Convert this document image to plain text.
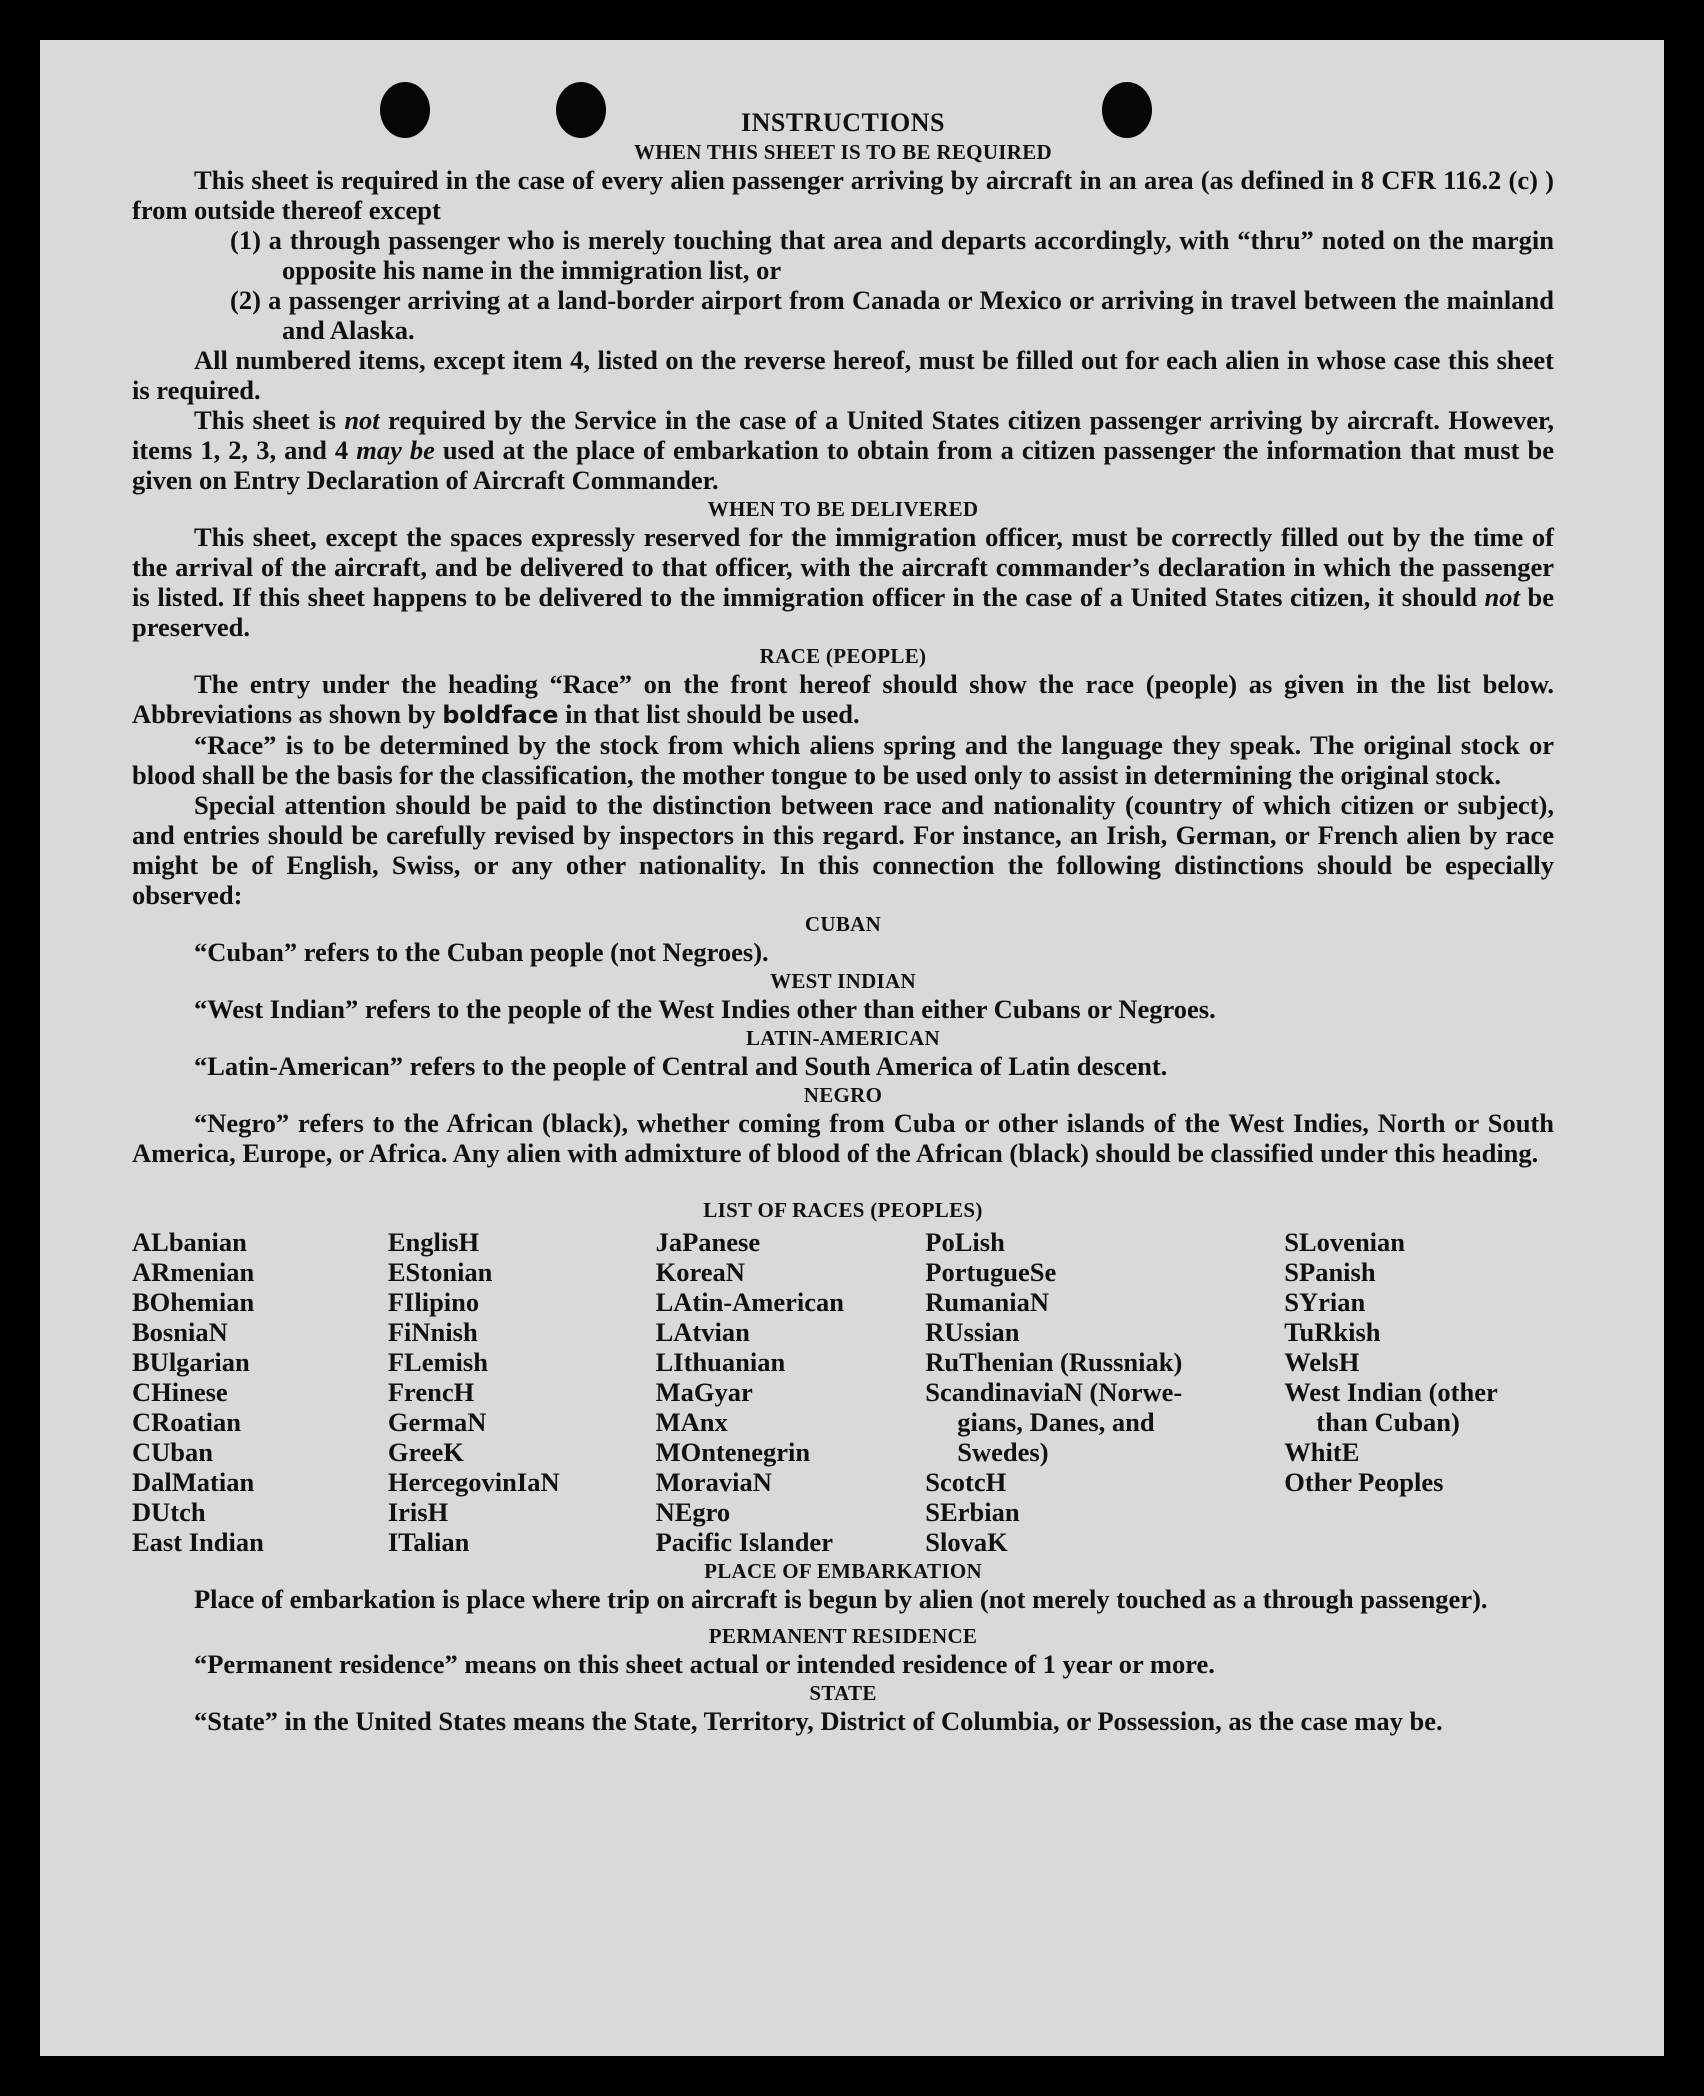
INSTRUCTIONS
WHEN THIS SHEET IS TO BE REQUIRED

This sheet is required in the case of every alien passenger arriving by aircraft in an area (as defined in 8 CFR 116.2 (c) ) from outside thereof except

(1) a through passenger who is merely touching that area and departs accordingly, with “thru” noted on the margin opposite his name in the immigration list, or

(2) a passenger arriving at a land-border airport from Canada or Mexico or arriving in travel between the mainland and Alaska.

All numbered items, except item 4, listed on the reverse hereof, must be filled out for each alien in whose case this sheet is required.

This sheet is not required by the Service in the case of a United States citizen passenger arriving by aircraft. However, items 1, 2, 3, and 4 may be used at the place of embarkation to obtain from a citizen passenger the information that must be given on Entry Declaration of Aircraft Commander.

WHEN TO BE DELIVERED

This sheet, except the spaces expressly reserved for the immigration officer, must be correctly filled out by the time of the arrival of the aircraft, and be delivered to that officer, with the aircraft commander’s declaration in which the passenger is listed. If this sheet happens to be delivered to the immigration officer in the case of a United States citizen, it should not be preserved.

RACE (PEOPLE)

The entry under the heading “Race” on the front hereof should show the race (people) as given in the list below. Abbreviations as shown by boldface in that list should be used.

“Race” is to be determined by the stock from which aliens spring and the language they speak. The original stock or blood shall be the basis for the classification, the mother tongue to be used only to assist in determining the original stock.

Special attention should be paid to the distinction between race and nationality (country of which citizen or subject), and entries should be carefully revised by inspectors in this regard. For instance, an Irish, German, or French alien by race might be of English, Swiss, or any other nationality. In this connection the following distinctions should be especially observed:

CUBAN

“Cuban” refers to the Cuban people (not Negroes).

WEST INDIAN

“West Indian” refers to the people of the West Indies other than either Cubans or Negroes.

LATIN-AMERICAN

“Latin-American” refers to the people of Central and South America of Latin descent.

NEGRO

“Negro” refers to the African (black), whether coming from Cuba or other islands of the West Indies, North or South America, Europe, or Africa. Any alien with admixture of blood of the African (black) should be classified under this heading.

LIST OF RACES (PEOPLES)
ALbanian
ARmenian
BOhemian
BosniaN
BUlgarian
CHinese
CRoatian
CUban
DalMatian
DUtch
East Indian
EnglisH
EStonian
FIlipino
FiNnish
FLemish
FrencH
GermaN
GreeK
HercegovinIaN
IrisH
ITalian
JaPanese
KoreaN
LAtin-American
LAtvian
LIthuanian
MaGyar
MAnx
MOntenegrin
MoraviaN
NEgro
Pacific Islander
PoLish
PortugueSe
RumaniaN
RUssian
RuThenian (Russniak)
ScandinaviaN (Norwe-
gians, Danes, and
Swedes)
ScotcH
SErbian
SlovaK
SLovenian
SPanish
SYrian
TuRkish
WelsH
West Indian (other
than Cuban)
WhitE
Other Peoples
PLACE OF EMBARKATION

Place of embarkation is place where trip on aircraft is begun by alien (not merely touched as a through passenger).

PERMANENT RESIDENCE

“Permanent residence” means on this sheet actual or intended residence of 1 year or more.

STATE

“State” in the United States means the State, Territory, District of Columbia, or Possession, as the case may be.
